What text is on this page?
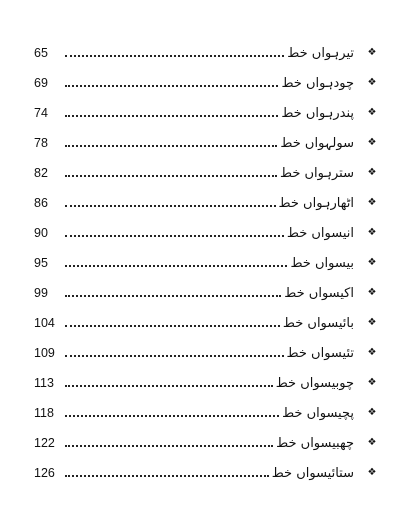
65	تیرہواں خط	❖
69	چودہواں خط	❖
74	پندرہواں خط	❖
78	سولہواں خط	❖
82	سترہواں خط	❖
86	اٹھارہواں خط	❖
90	انیسواں خط	❖
95	بیسواں خط	❖
99	اکیسواں خط	❖
104	بائیسواں خط	❖
109	تئیسواں خط	❖
113	چوبیسواں خط	❖
118	پچیسواں خط	❖
122	چھبیسواں خط	❖
126	ستائیسواں خط	❖
